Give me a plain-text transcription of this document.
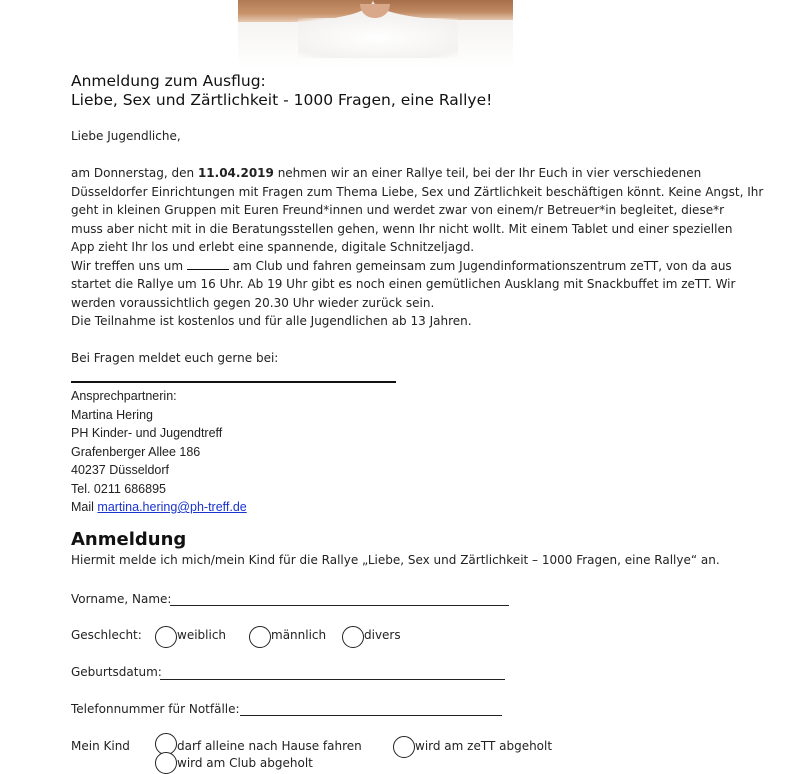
Anmeldung zum Ausflug:
Liebe, Sex und Zärtlichkeit - 1000 Fragen, eine Rallye!
Liebe Jugendliche,
am Donnerstag, den 11.04.2019 nehmen wir an einer Rallye teil, bei der Ihr Euch in vier verschiedenen
Düsseldorfer Einrichtungen mit Fragen zum Thema Liebe, Sex und Zärtlichkeit beschäftigen könnt. Keine Angst, Ihr
geht in kleinen Gruppen mit Euren Freund*innen und werdet zwar von einem/r Betreuer*in begleitet, diese*r
muss aber nicht mit in die Beratungsstellen gehen, wenn Ihr nicht wollt. Mit einem Tablet und einer speziellen
App zieht Ihr los und erlebt eine spannende, digitale Schnitzeljagd.
Wir treffen uns um	am Club und fahren gemeinsam zum Jugendinformationszentrum zeTT, von da aus
startet die Rallye um 16 Uhr. Ab 19 Uhr gibt es noch einen gemütlichen Ausklang mit Snackbuffet im zeTT. Wir
werden voraussichtlich gegen 20.30 Uhr wieder zurück sein.
Die Teilnahme ist kostenlos und für alle Jugendlichen ab 13 Jahren.
Bei Fragen meldet euch gerne bei:
Ansprechpartnerin:
Martina Hering
PH Kinder- und Jugendtreff
Grafenberger Allee 186
40237 Düsseldorf
Tel. 0211 686895
Mail martina.hering@ph-treff.de
Anmeldung
Hiermit melde ich mich/mein Kind für die Rallye „Liebe, Sex und Zärtlichkeit – 1000 Fragen, eine Rallye“ an.
Vorname, Name:
Geschlecht:	weiblich	männlich	divers
Geburtsdatum:
Telefonnummer für Notfälle:
Mein Kind	darf alleine nach Hause fahren	wird am zeTT abgeholt
wird am Club abgeholt
